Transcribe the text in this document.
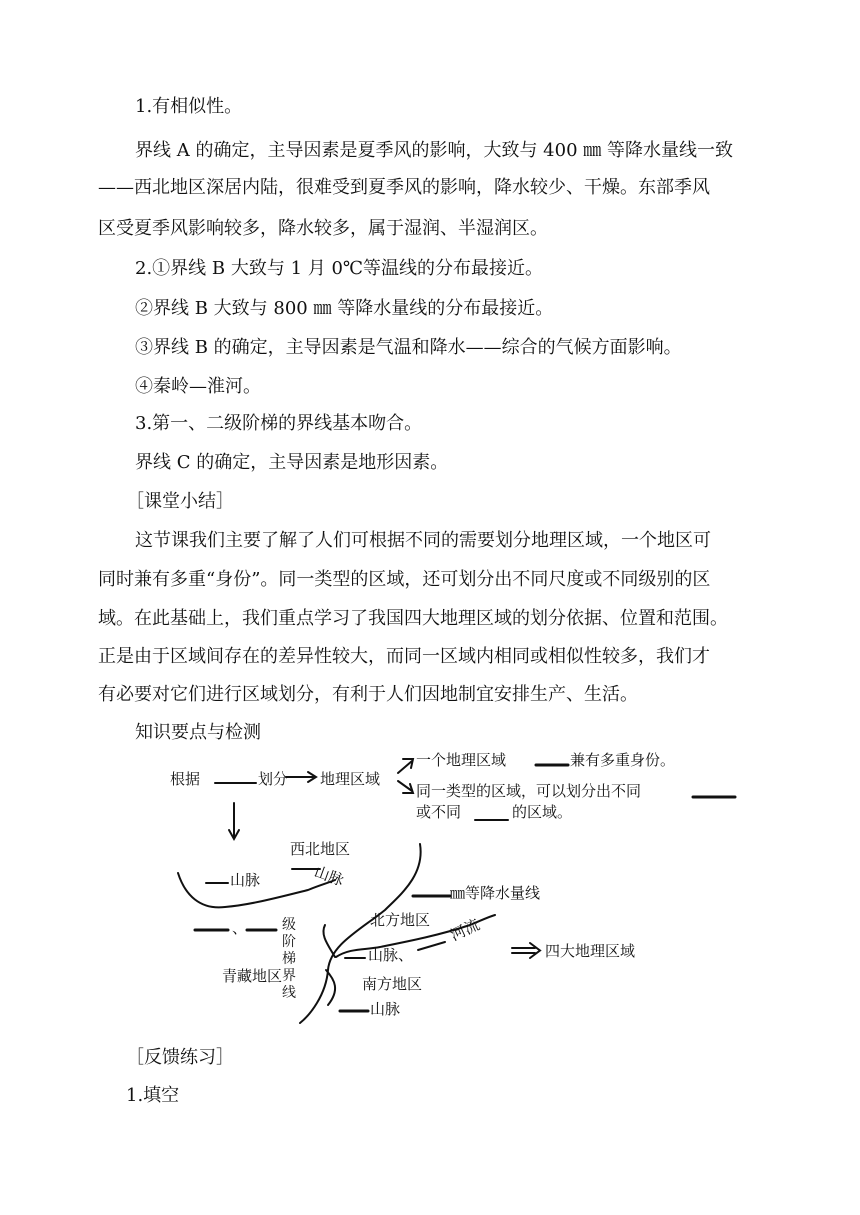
1.有相似性。
界线 A 的确定，主导因素是夏季风的影响，大致与 400 ㎜ 等降水量线一致
——西北地区深居内陆，很难受到夏季风的影响，降水较少、干燥。东部季风
区受夏季风影响较多，降水较多，属于湿润、半湿润区。
2.①界线 B 大致与 1 月 0℃等温线的分布最接近。
②界线 B 大致与 800 ㎜ 等降水量线的分布最接近。
③界线 B 的确定，主导因素是气温和降水——综合的气候方面影响。
④秦岭—淮河。
3.第一、二级阶梯的界线基本吻合。
界线 C 的确定，主导因素是地形因素。
［课堂小结］
这节课我们主要了解了人们可根据不同的需要划分地理区域，一个地区可
同时兼有多重“身份”。同一类型的区域，还可划分出不同尺度或不同级别的区
域。在此基础上，我们重点学习了我国四大地理区域的划分依据、位置和范围。
正是由于区域间存在的差异性较大，而同一区域内相同或相似性较多，我们才
有必要对它们进行区域划分，有利于人们因地制宜安排生产、生活。
知识要点与检测
根据	划分 地理区域
一个地理区域	兼有多重身份。
同一类型的区域，可以划分出不同
或不同	的区域。
西北地区
山脉	山脉
㎜等降水量线
级阶梯界线
北方地区
山脉、
河流
四大地理区域
青藏地区	南方地区
山脉
、
［反馈练习］
1.填空
